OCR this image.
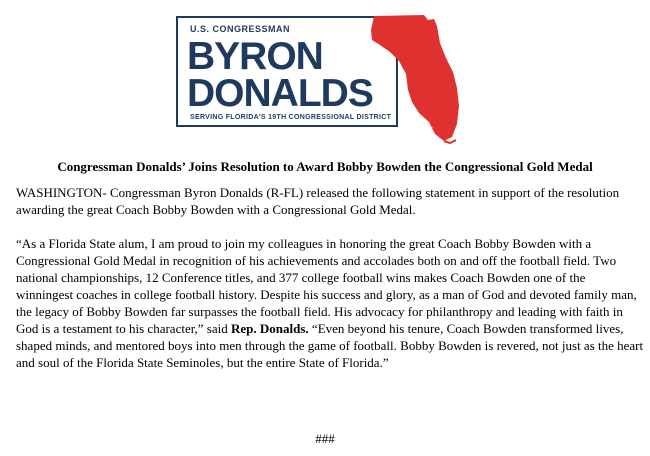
U.S. CONGRESSMAN
BYRON
DONALDS
SERVING FLORIDA'S 19TH CONGRESSIONAL DISTRICT
Congressman Donalds’ Joins Resolution to Award Bobby Bowden the Congressional Gold Medal

WASHINGTON- Congressman Byron Donalds (R-FL) released the following statement in support of the resolution awarding the great Coach Bobby Bowden with a Congressional Gold Medal.

“As a Florida State alum, I am proud to join my colleagues in honoring the great Coach Bobby Bowden with a Congressional Gold Medal in recognition of his achievements and accolades both on and off the football field. Two national championships, 12 Conference titles, and 377 college football wins makes Coach Bowden one of the winningest coaches in college football history. Despite his success and glory, as a man of God and devoted family man, the legacy of Bobby Bowden far surpasses the football field. His advocacy for philanthropy and leading with faith in God is a testament to his character,” said Rep. Donalds. “Even beyond his tenure, Coach Bowden transformed lives, shaped minds, and mentored boys into men through the game of football. Bobby Bowden is revered, not just as the heart and soul of the Florida State Seminoles, but the entire State of Florida.”

###
